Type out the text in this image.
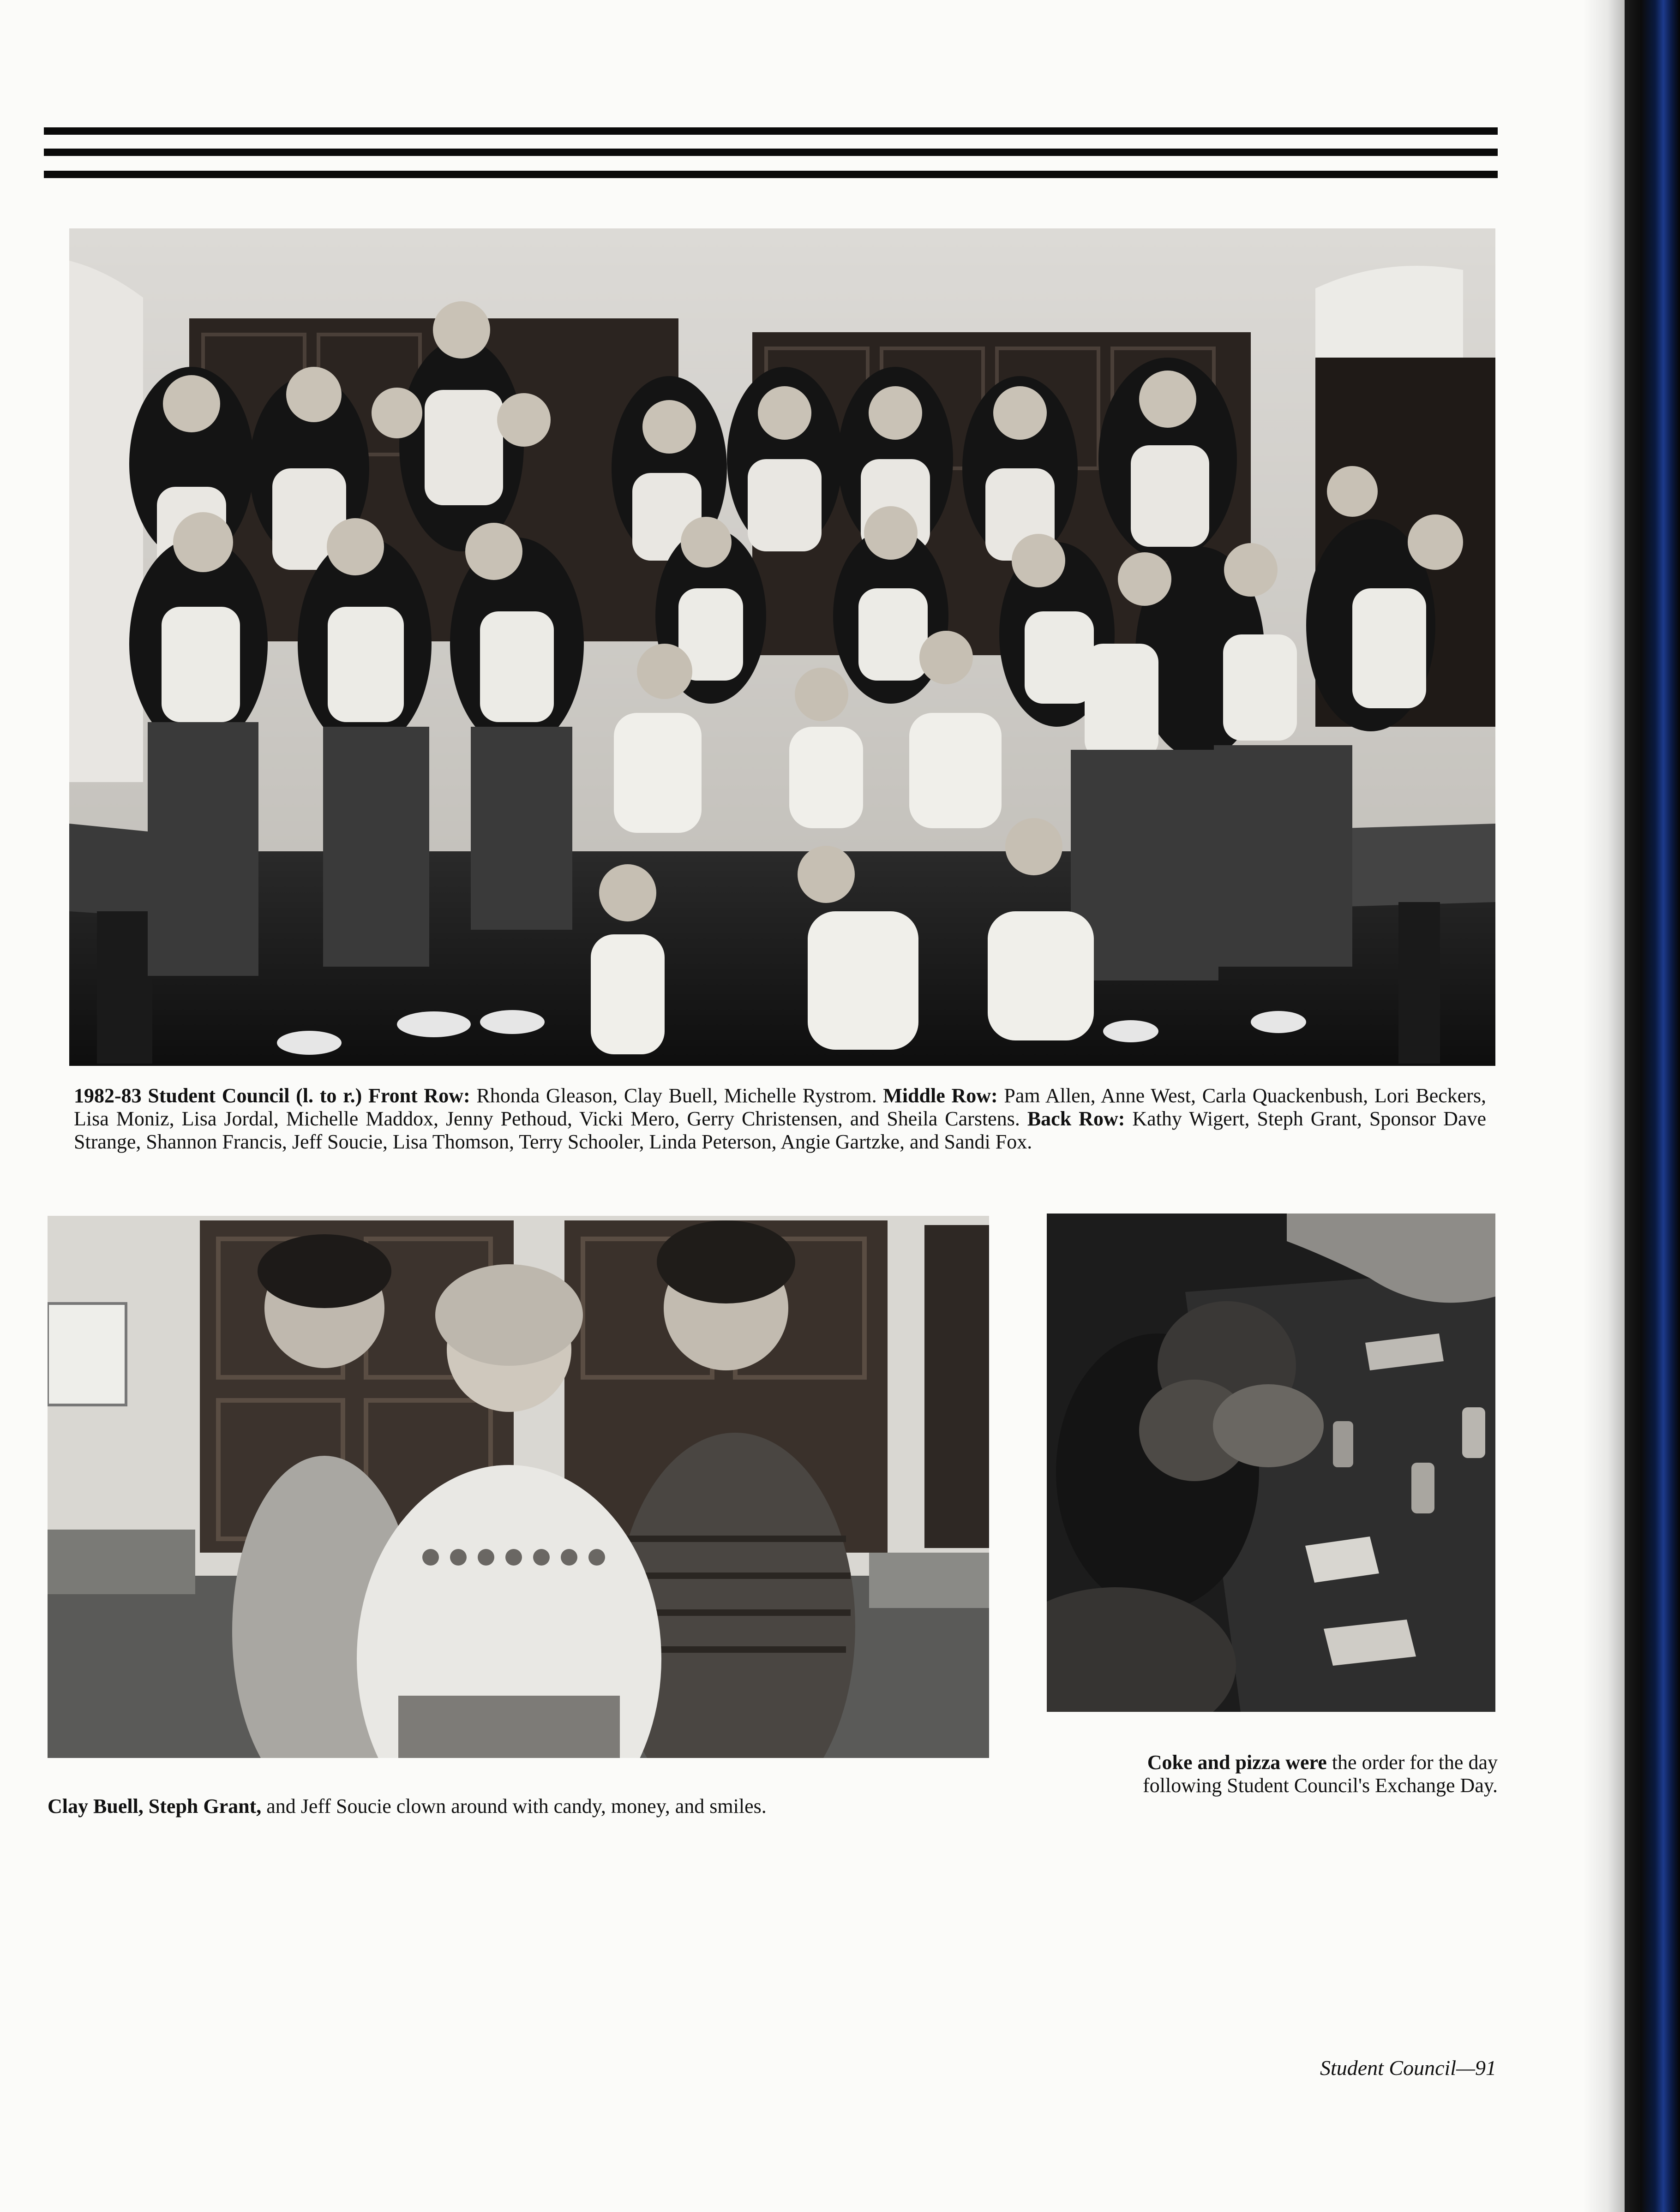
1982-83 Student Council (l. to r.) Front Row: Rhonda Gleason, Clay Buell, Michelle Rystrom. Middle Row: Pam Allen, Anne West, Carla Quackenbush, Lori Beckers, Lisa Moniz, Lisa Jordal, Michelle Maddox, Jenny Pethoud, Vicki Mero, Gerry Christensen, and Sheila Carstens. Back Row: Kathy Wigert, Steph Grant, Sponsor Dave Strange, Shannon Francis, Jeff Soucie, Lisa Thomson, Terry Schooler, Linda Peterson, Angie Gartzke, and Sandi Fox.
Clay Buell, Steph Grant, and Jeff Soucie clown around with candy, money, and smiles.
Coke and pizza were the order for the day
following Student Council's Exchange Day.
Student Council—91
